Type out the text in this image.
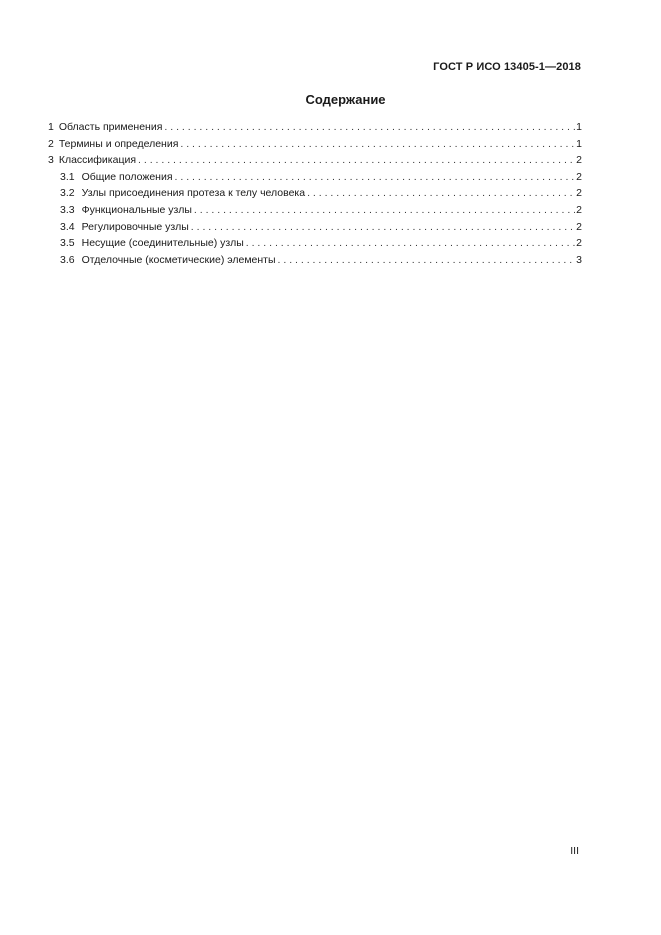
ГОСТ Р ИСО 13405-1—2018
Содержание
1 Область применения . . .	1
2 Термины и определения . . .	1
3 Классификация . . .	2
3.1 Общие положения . . .	2
3.2 Узлы присоединения протеза к телу человека . . .	2
3.3 Функциональные узлы . . .	2
3.4 Регулировочные узлы . . .	2
3.5 Несущие (соединительные) узлы . . .	2
3.6 Отделочные (косметические) элементы . . .	3
III
